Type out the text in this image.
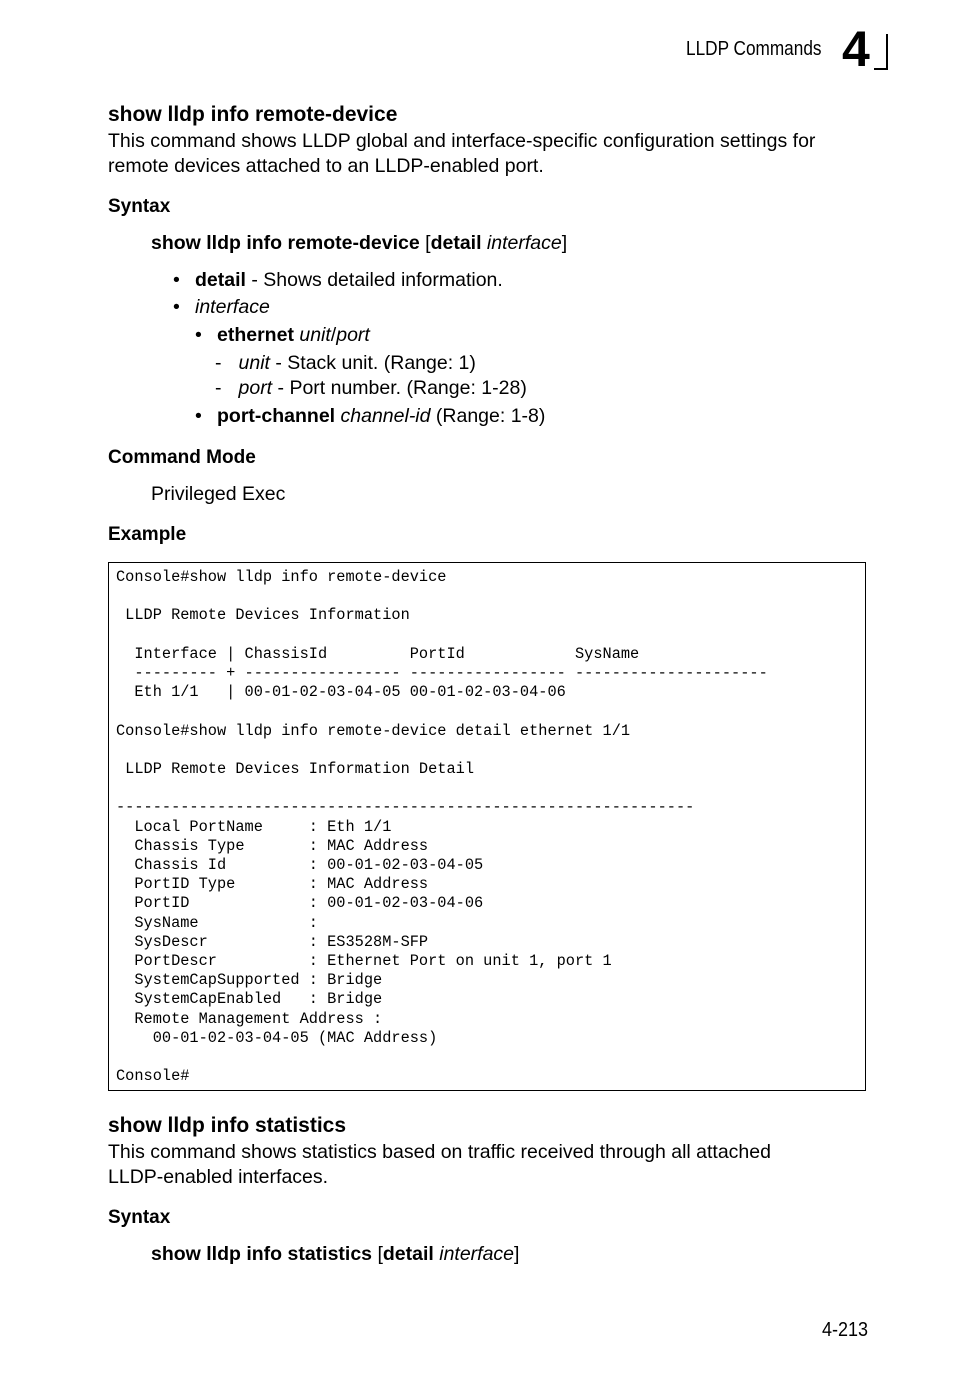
LLDP Commands 4
show lldp info remote-device
This command shows LLDP global and interface-specific configuration settings for
remote devices attached to an LLDP-enabled port.
Syntax
show lldp info remote-device [detail interface]
• detail - Shows detailed information.
• interface
• ethernet unit/port
- unit - Stack unit. (Range: 1)
- port - Port number. (Range: 1-28)
• port-channel channel-id (Range: 1-8)
Command Mode
Privileged Exec
Example
Console#show lldp info remote-device

LLDP Remote Devices Information

Interface | ChassisId         PortId            SysName
--------- + ----------------- ----------------- ---------------------
Eth 1/1   | 00-01-02-03-04-05 00-01-02-03-04-06

Console#show lldp info remote-device detail ethernet 1/1

LLDP Remote Devices Information Detail

---------------------------------------------------------------
Local PortName     : Eth 1/1
Chassis Type       : MAC Address
Chassis Id         : 00-01-02-03-04-05
PortID Type        : MAC Address
PortID             : 00-01-02-03-04-06
SysName            :
SysDescr           : ES3528M-SFP
PortDescr          : Ethernet Port on unit 1, port 1
SystemCapSupported : Bridge
SystemCapEnabled   : Bridge
Remote Management Address :
00-01-02-03-04-05 (MAC Address)

Console#
show lldp info statistics
This command shows statistics based on traffic received through all attached
LLDP-enabled interfaces.
Syntax
show lldp info statistics [detail interface]
4-213
